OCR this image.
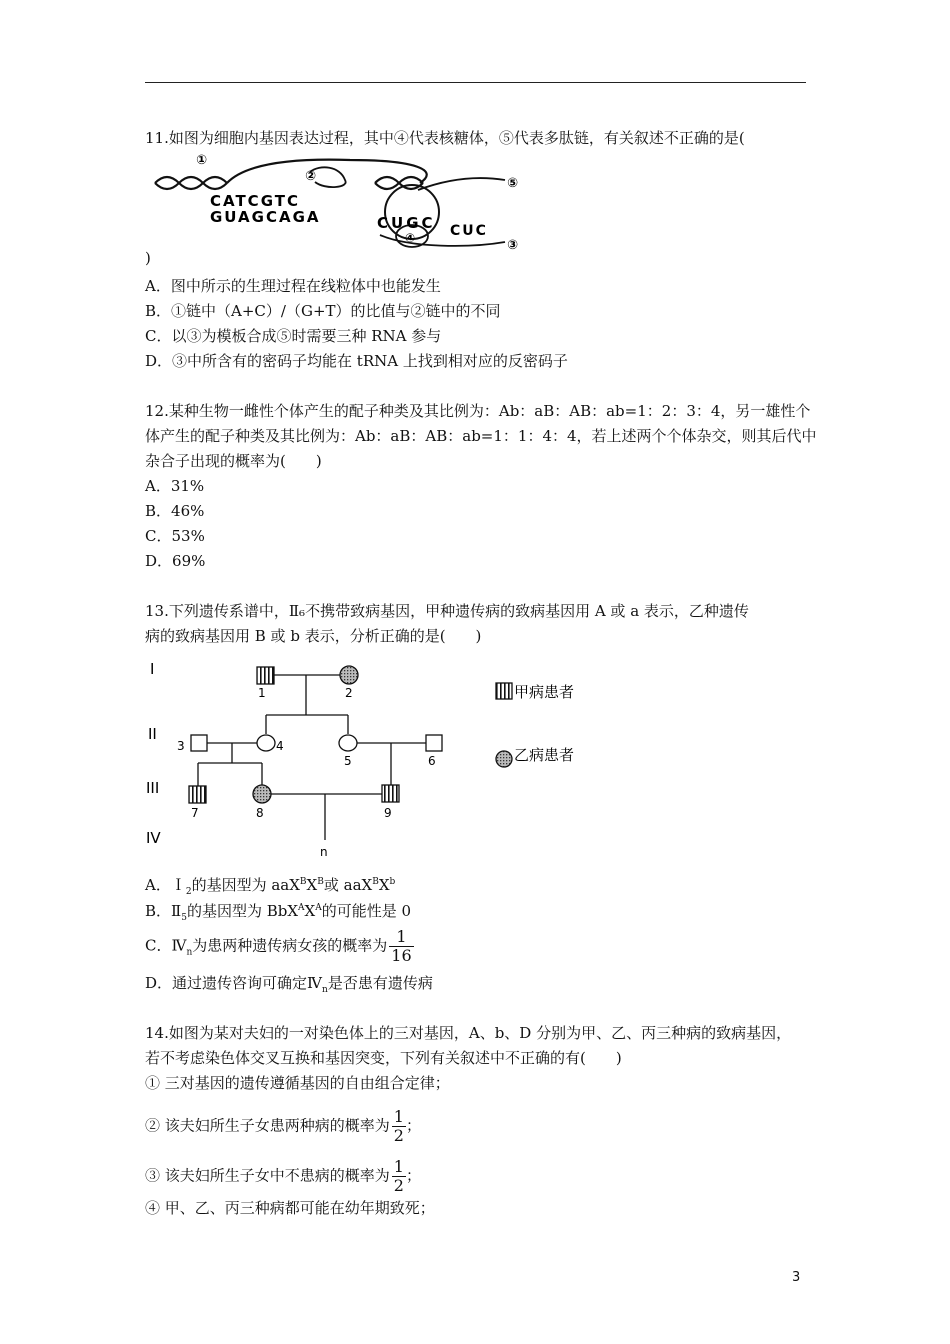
11.如图为细胞内基因表达过程，其中④代表核糖体，⑤代表多肽链，有关叙述不正确的是(
①
②
③
④
⑤
CATCGTC
GUAGCAGA	CUGC CUC
)
A．图中所示的生理过程在线粒体中也能发生
B．①链中（A+C）/（G+T）的比值与②链中的不同
C．以③为模板合成⑤时需要三种 RNA 参与
D．③中所含有的密码子均能在 tRNA 上找到相对应的反密码子
12.某种生物一雌性个体产生的配子种类及其比例为：Ab：aB：AB：ab=1：2：3：4，另一雄性个
体产生的配子种类及其比例为：Ab：aB：AB：ab=1：1：4：4，若上述两个个体杂交，则其后代中
杂合子出现的概率为(　　)
A．31%
B．46%
C．53%
D．69%
13.下列遗传系谱中，Ⅱ₆不携带致病基因，甲种遗传病的致病基因用 A 或 a 表示，乙种遗传
病的致病基因用 B 或 b 表示，分析正确的是(　　)
I
II
III
IV
1	2
3	4
5	6
7	8	9
n
甲病患者
乙病患者
A．Ｉ$_2$的基因型为 $aaX^BX^B$或 $aaX^BX^b$
B．$Ⅱ_5$的基因型为 $BbX^AX^A$的可能性是 0
C．$Ⅳ_n$为患两种遗传病女孩的概率为 $\frac{1}{16}$
D．通过遗传咨询可确定$Ⅳ_n$是否患有遗传病
14.如图为某对夫妇的一对染色体上的三对基因，A、b、D 分别为甲、乙、丙三种病的致病基因，
若不考虑染色体交叉互换和基因突变，下列有关叙述中不正确的有(　　)
① 三对基因的遗传遵循基因的自由组合定律；
② 该夫妇所生子女患两种病的概率为 $\frac{1}{2}$ ；
③ 该夫妇所生子女中不患病的概率为 $\frac{1}{2}$ ；
④ 甲、乙、丙三种病都可能在幼年期致死；
3
